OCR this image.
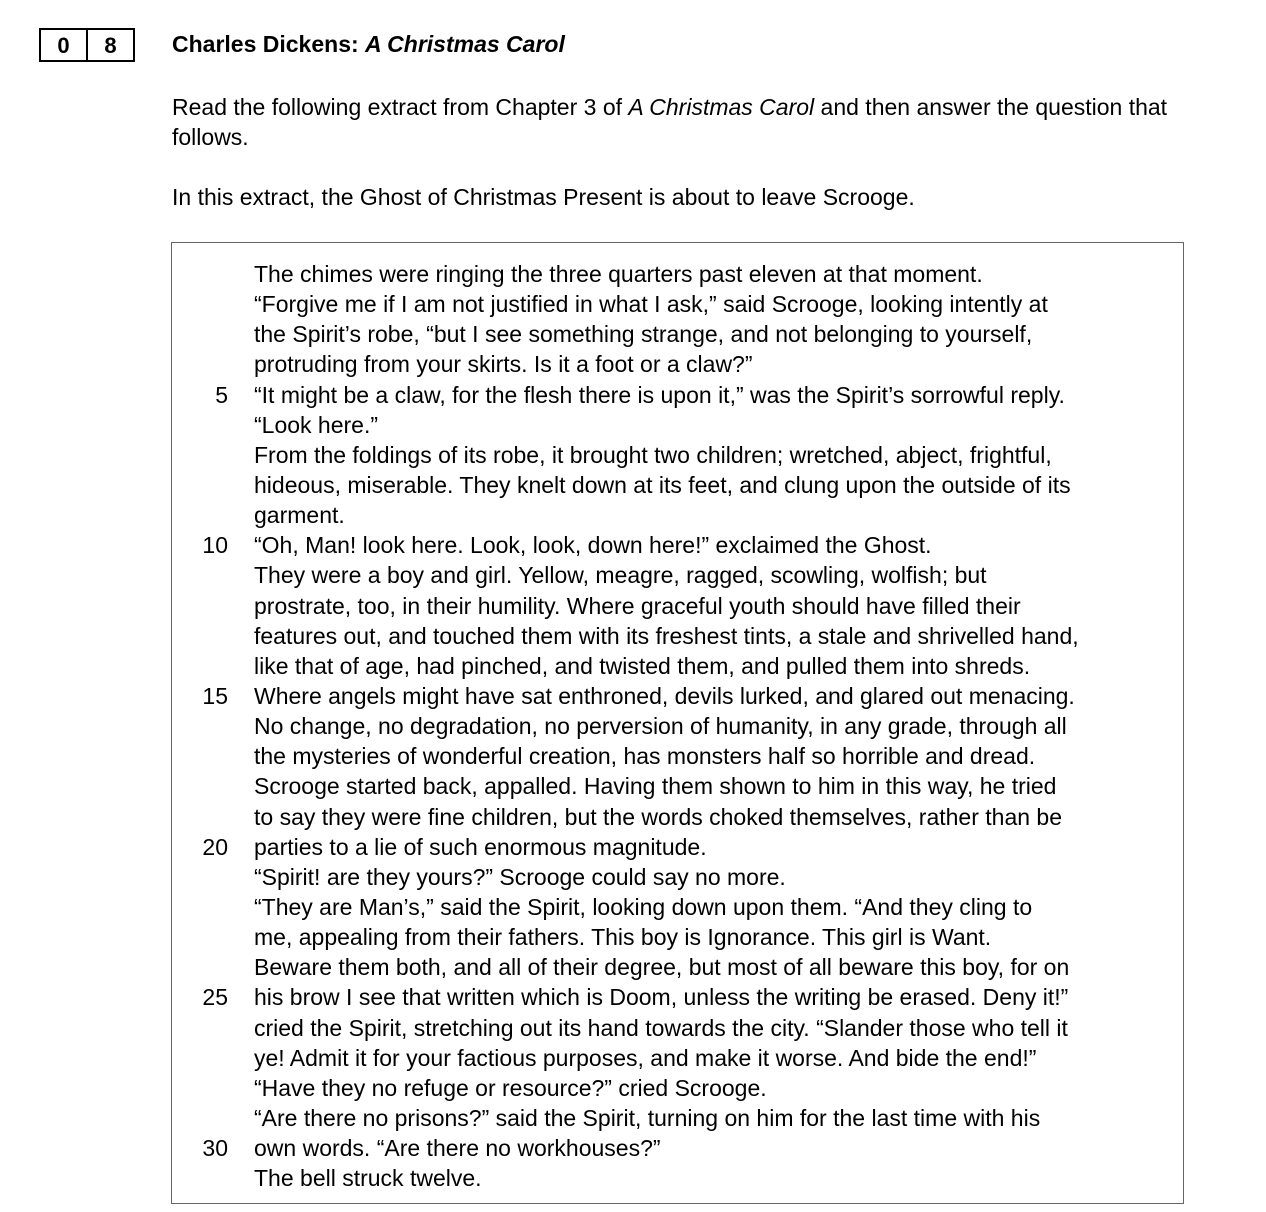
0	8	Charles Dickens: A Christmas Carol

Read the following extract from Chapter 3 of A Christmas Carol and then answer the question that follows.

In this extract, the Ghost of Christmas Present is about to leave Scrooge.
The chimes were ringing the three quarters past eleven at that moment.
“Forgive me if I am not justified in what I ask,” said Scrooge, looking intently at
the Spirit’s robe, “but I see something strange, and not belonging to yourself,
protruding from your skirts. Is it a foot or a claw?”
5 “It might be a claw, for the flesh there is upon it,” was the Spirit’s sorrowful reply.
“Look here.”
From the foldings of its robe, it brought two children; wretched, abject, frightful,
hideous, miserable. They knelt down at its feet, and clung upon the outside of its
garment.
10 “Oh, Man! look here. Look, look, down here!” exclaimed the Ghost.
They were a boy and girl. Yellow, meagre, ragged, scowling, wolfish; but
prostrate, too, in their humility. Where graceful youth should have filled their
features out, and touched them with its freshest tints, a stale and shrivelled hand,
like that of age, had pinched, and twisted them, and pulled them into shreds.
15 Where angels might have sat enthroned, devils lurked, and glared out menacing.
No change, no degradation, no perversion of humanity, in any grade, through all
the mysteries of wonderful creation, has monsters half so horrible and dread.
Scrooge started back, appalled. Having them shown to him in this way, he tried
to say they were fine children, but the words choked themselves, rather than be
20 parties to a lie of such enormous magnitude.
“Spirit! are they yours?” Scrooge could say no more.
“They are Man’s,” said the Spirit, looking down upon them. “And they cling to
me, appealing from their fathers. This boy is Ignorance. This girl is Want.
Beware them both, and all of their degree, but most of all beware this boy, for on
25 his brow I see that written which is Doom, unless the writing be erased. Deny it!”
cried the Spirit, stretching out its hand towards the city. “Slander those who tell it
ye! Admit it for your factious purposes, and make it worse. And bide the end!”
“Have they no refuge or resource?” cried Scrooge.
“Are there no prisons?” said the Spirit, turning on him for the last time with his
30 own words. “Are there no workhouses?”
The bell struck twelve.
